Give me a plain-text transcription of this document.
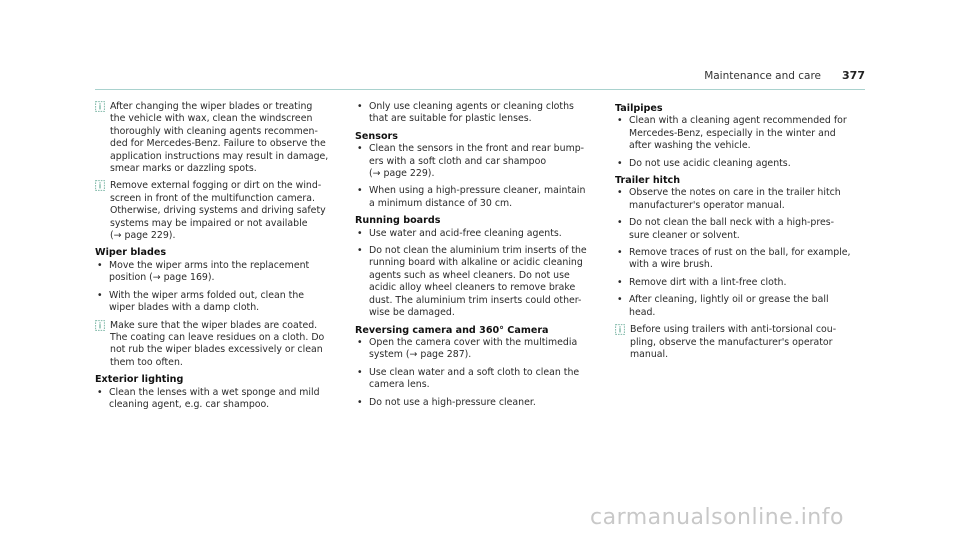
Maintenance and care 377
After changing the wiper blades or treating
the vehicle with wax, clean the windscreen
thoroughly with cleaning agents recommen-
ded for Mercedes-Benz. Failure to observe the
application instructions may result in damage,
smear marks or dazzling spots.
Remove external fogging or dirt on the wind-
screen in front of the multifunction camera.
Otherwise, driving systems and driving safety
systems may be impaired or not available
(→ page 229).
Wiper blades
• Move the wiper arms into the replacement
position (→ page 169).
• With the wiper arms folded out, clean the
wiper blades with a damp cloth.
Make sure that the wiper blades are coated.
The coating can leave residues on a cloth. Do
not rub the wiper blades excessively or clean
them too often.
Exterior lighting
• Clean the lenses with a wet sponge and mild
cleaning agent, e.g. car shampoo.
• Only use cleaning agents or cleaning cloths
that are suitable for plastic lenses.
Sensors
• Clean the sensors in the front and rear bump-
ers with a soft cloth and car shampoo
(→ page 229).
• When using a high-pressure cleaner, maintain
a minimum distance of 30 cm.
Running boards
• Use water and acid-free cleaning agents.
• Do not clean the aluminium trim inserts of the
running board with alkaline or acidic cleaning
agents such as wheel cleaners. Do not use
acidic alloy wheel cleaners to remove brake
dust. The aluminium trim inserts could other-
wise be damaged.
Reversing camera and 360° Camera
• Open the camera cover with the multimedia
system (→ page 287).
• Use clean water and a soft cloth to clean the
camera lens.
• Do not use a high-pressure cleaner.
Tailpipes
• Clean with a cleaning agent recommended for
Mercedes-Benz, especially in the winter and
after washing the vehicle.
• Do not use acidic cleaning agents.
Trailer hitch
• Observe the notes on care in the trailer hitch
manufacturer's operator manual.
• Do not clean the ball neck with a high-pres-
sure cleaner or solvent.
• Remove traces of rust on the ball, for example,
with a wire brush.
• Remove dirt with a lint-free cloth.
• After cleaning, lightly oil or grease the ball
head.
Before using trailers with anti-torsional cou-
pling, observe the manufacturer's operator
manual.
carmanualsonline.info
